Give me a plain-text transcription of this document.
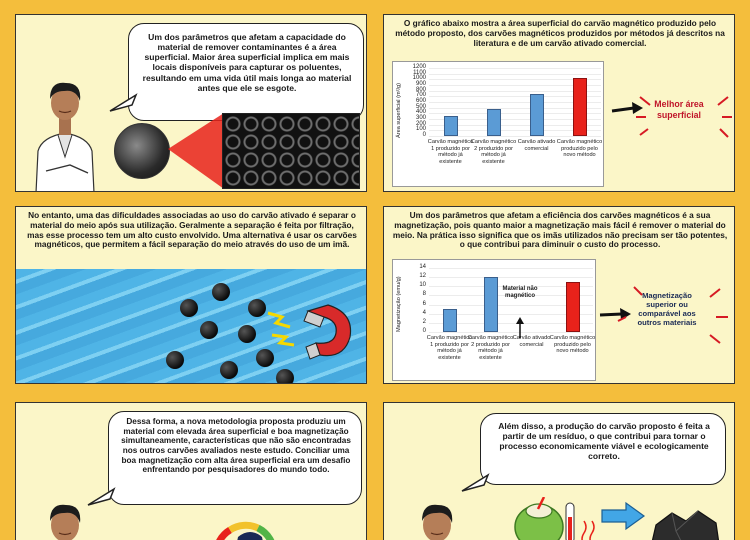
Um dos parâmetros que afetam a capacidade do material de remover contaminantes é a área superficial. Maior área superficial implica em mais locais disponíveis para capturar os poluentes, resultando em uma vida útil mais longa ao material antes que ele se esgote.
O gráfico abaixo mostra a área superficial do carvão magnético produzido pelo método proposto, dos carvões magnéticos produzidos por métodos já descritos na literatura e de um carvão ativado comercial.
Área superficial (m²/g)	0
100
200
300
400
500
600
700
800
900
1000
1100
1200
Carvão magnético 1 produzido por método já existente
Carvão magnético 2 produzido por método já existente
Carvão ativado comercial
Carvão magnético produzido pelo novo método
Melhor área superficial
No entanto, uma das dificuldades associadas ao uso do carvão ativado é separar o material do meio após sua utilização. Geralmente a separação é feita por filtração, mas esse processo tem um alto custo envolvido. Uma alternativa é usar os carvões magnéticos, que permitem a fácil separação do meio através do uso de um imã.
Um dos parâmetros que afetam a eficiência dos carvões magnéticos é a sua magnetização, pois quanto maior a magnetização mais fácil é remover o material do meio. Na prática isso significa que os imãs utilizados não precisam ser tão potentes, o que contribui para diminuir o custo do processo.
Magnetização (emu/g)	0
2
4
6
8
10
12
14
Carvão magnético 1 produzido por método já existente
Carvão magnético 2 produzido por método já existente
Carvão ativado comercial
Carvão magnético produzido pelo novo método
Material não magnético	Magnetização superior ou comparável aos outros materiais
Dessa forma, a nova metodologia proposta produziu um material com elevada área superficial e boa magnetização simultaneamente, características que não são encontradas nos outros carvões avaliados neste estudo. Conciliar uma boa magnetização com alta área superficial era um desafio enfrentando por pesquisadores do mundo todo.
Além disso, a produção do carvão proposto é feita a partir de um resíduo, o que contribui para tornar o processo economicamente viável e ecologicamente correto.
